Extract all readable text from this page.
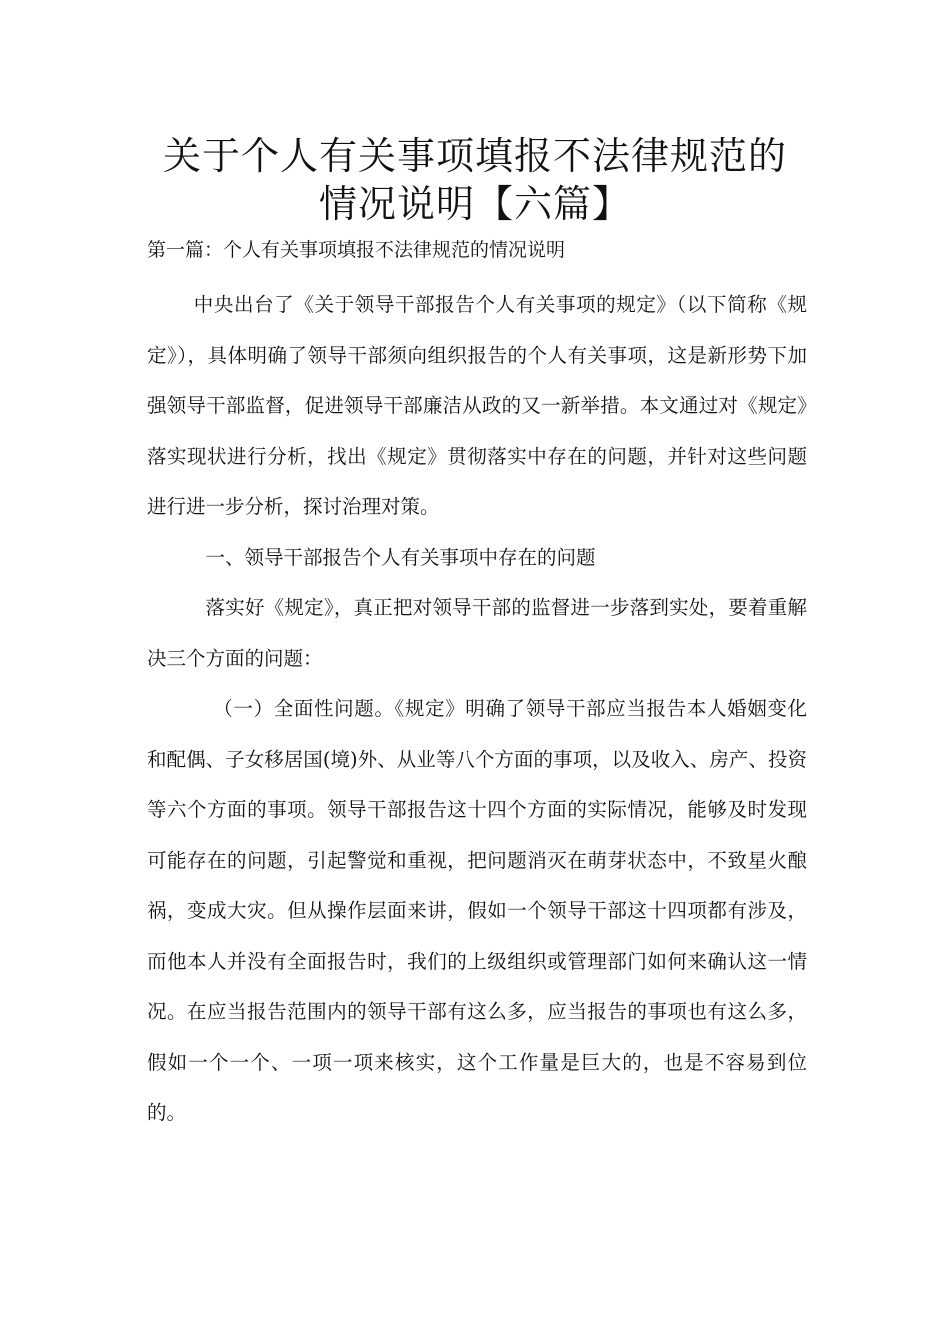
关于个人有关事项填报不法律规范的情况说明【六篇】

第一篇：个人有关事项填报不法律规范的情况说明

中央出台了《关于领导干部报告个人有关事项的规定》（以下简称《规定》），具体明确了领导干部须向组织报告的个人有关事项，这是新形势下加强领导干部监督，促进领导干部廉洁从政的又一新举措。本文通过对《规定》落实现状进行分析，找出《规定》贯彻落实中存在的问题，并针对这些问题进行进一步分析，探讨治理对策。

一、领导干部报告个人有关事项中存在的问题

落实好《规定》，真正把对领导干部的监督进一步落到实处，要着重解决三个方面的问题：

（一）全面性问题。《规定》明确了领导干部应当报告本人婚姻变化和配偶、子女移居国(境)外、从业等八个方面的事项，以及收入、房产、投资等六个方面的事项。领导干部报告这十四个方面的实际情况，能够及时发现可能存在的问题，引起警觉和重视，把问题消灭在萌芽状态中，不致星火酿祸，变成大灾。但从操作层面来讲，假如一个领导干部这十四项都有涉及，而他本人并没有全面报告时，我们的上级组织或管理部门如何来确认这一情况。在应当报告范围内的领导干部有这么多，应当报告的事项也有这么多，假如一个一个、一项一项来核实，这个工作量是巨大的，也是不容易到位的。
